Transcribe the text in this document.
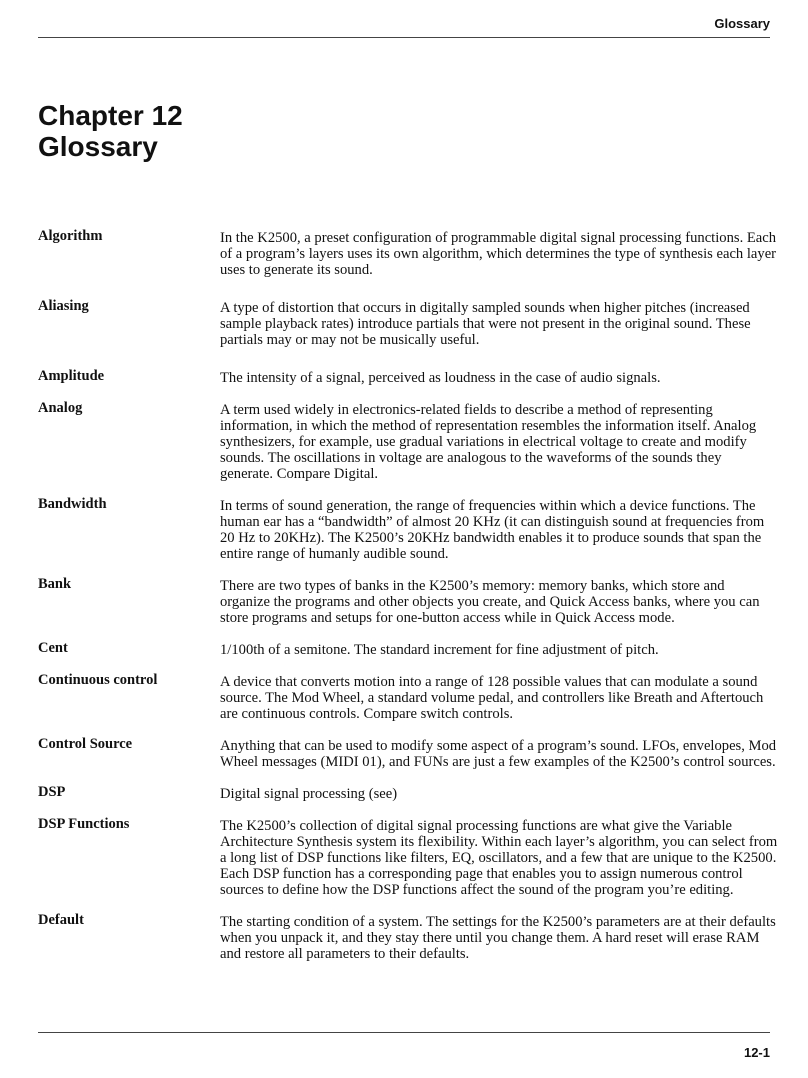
Glossary
Chapter 12
Glossary
Algorithm	In the K2500, a preset configuration of programmable digital signal processing functions. Each of a program’s layers uses its own algorithm, which determines the type of synthesis each layer uses to generate its sound.
Aliasing	A type of distortion that occurs in digitally sampled sounds when higher pitches (increased sample playback rates) introduce partials that were not present in the original sound. These partials may or may not be musically useful.
Amplitude	The intensity of a signal, perceived as loudness in the case of audio signals.
Analog	A term used widely in electronics-related fields to describe a method of representing information, in which the method of representation resembles the information itself. Analog synthesizers, for example, use gradual variations in electrical voltage to create and modify sounds. The oscillations in voltage are analogous to the waveforms of the sounds they generate. Compare Digital.
Bandwidth	In terms of sound generation, the range of frequencies within which a device functions. The human ear has a “bandwidth” of almost 20 KHz (it can distinguish sound at frequencies from 20 Hz to 20KHz). The K2500’s 20KHz bandwidth enables it to produce sounds that span the entire range of humanly audible sound.
Bank	There are two types of banks in the K2500’s memory: memory banks, which store and organize the programs and other objects you create, and Quick Access banks, where you can store programs and setups for one-button access while in Quick Access mode.
Cent	1/100th of a semitone. The standard increment for fine adjustment of pitch.
Continuous control	A device that converts motion into a range of 128 possible values that can modulate a sound source. The Mod Wheel, a standard volume pedal, and controllers like Breath and Aftertouch are continuous controls. Compare switch controls.
Control Source	Anything that can be used to modify some aspect of a program’s sound. LFOs, envelopes, Mod Wheel messages (MIDI 01), and FUNs are just a few examples of the K2500’s control sources.
DSP	Digital signal processing (see)
DSP Functions	The K2500’s collection of digital signal processing functions are what give the Variable Architecture Synthesis system its flexibility. Within each layer’s algorithm, you can select from a long list of DSP functions like filters, EQ, oscillators, and a few that are unique to the K2500. Each DSP function has a corresponding page that enables you to assign numerous control sources to define how the DSP functions affect the sound of the program you’re editing.
Default	The starting condition of a system. The settings for the K2500’s parameters are at their defaults when you unpack it, and they stay there until you change them. A hard reset will erase RAM and restore all parameters to their defaults.
12-1
